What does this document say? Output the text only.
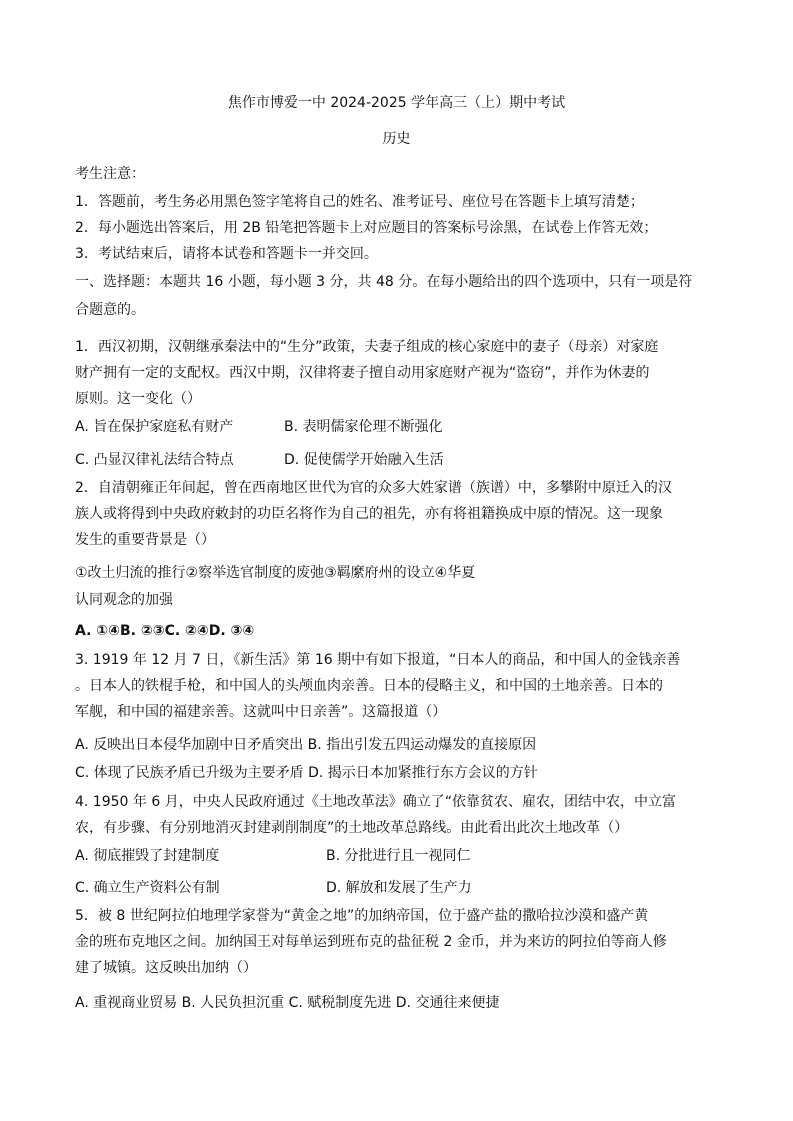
焦作市博爱一中 2024-2025 学年高三（上）期中考试
历史
考生注意：
1．答题前，考生务必用黑色签字笔将自己的姓名、准考证号、座位号在答题卡上填写清楚；
2．每小题选出答案后，用 2B 铅笔把答题卡上对应题目的答案标号涂黑，在试卷上作答无效；
3．考试结束后，请将本试卷和答题卡一并交回。
一、选择题：本题共 16 小题，每小题 3 分，共 48 分。在每小题给出的四个选项中，只有一项是符
合题意的。
1．西汉初期，汉朝继承秦法中的“生分”政策，夫妻子组成的核心家庭中的妻子（母亲）对家庭
财产拥有一定的支配权。西汉中期，汉律将妻子擅自动用家庭财产视为“盗窃”，并作为休妻的
原则。这一变化（）
A. 旨在保护家庭私有财产	B. 表明儒家伦理不断强化
C. 凸显汉律礼法结合特点	D. 促使儒学开始融入生活
2．自清朝雍正年间起，曾在西南地区世代为官的众多大姓家谱（族谱）中，多攀附中原迁入的汉
族人或将得到中央政府敕封的功臣名将作为自己的祖先，亦有将祖籍换成中原的情况。这一现象
发生的重要背景是（）
①改土归流的推行②察举选官制度的废弛③羁縻府州的设立④华夏
认同观念的加强
A. ①④B. ②③C. ②④D. ③④
3. 1919 年 12 月 7 日，《新生活》第 16 期中有如下报道，“日本人的商品，和中国人的金钱亲善
。日本人的铁棍手枪，和中国人的头颅血肉亲善。日本的侵略主义，和中国的土地亲善。日本的
军舰，和中国的福建亲善。这就叫中日亲善”。这篇报道（）
A. 反映出日本侵华加剧中日矛盾突出 B. 指出引发五四运动爆发的直接原因
C. 体现了民族矛盾已升级为主要矛盾 D. 揭示日本加紧推行东方会议的方针
4. 1950 年 6 月，中央人民政府通过《土地改革法》确立了“依靠贫农、雇农，团结中农，中立富
农，有步骤、有分别地消灭封建剥削制度”的土地改革总路线。由此看出此次土地改革（）
A. 彻底摧毁了封建制度	B. 分批进行且一视同仁
C. 确立生产资料公有制	D. 解放和发展了生产力
5．被 8 世纪阿拉伯地理学家誉为“黄金之地”的加纳帝国，位于盛产盐的撒哈拉沙漠和盛产黄
金的班布克地区之间。加纳国王对每单运到班布克的盐征税 2 金币，并为来访的阿拉伯等商人修
建了城镇。这反映出加纳（）
A. 重视商业贸易 B. 人民负担沉重 C. 赋税制度先进 D. 交通往来便捷
